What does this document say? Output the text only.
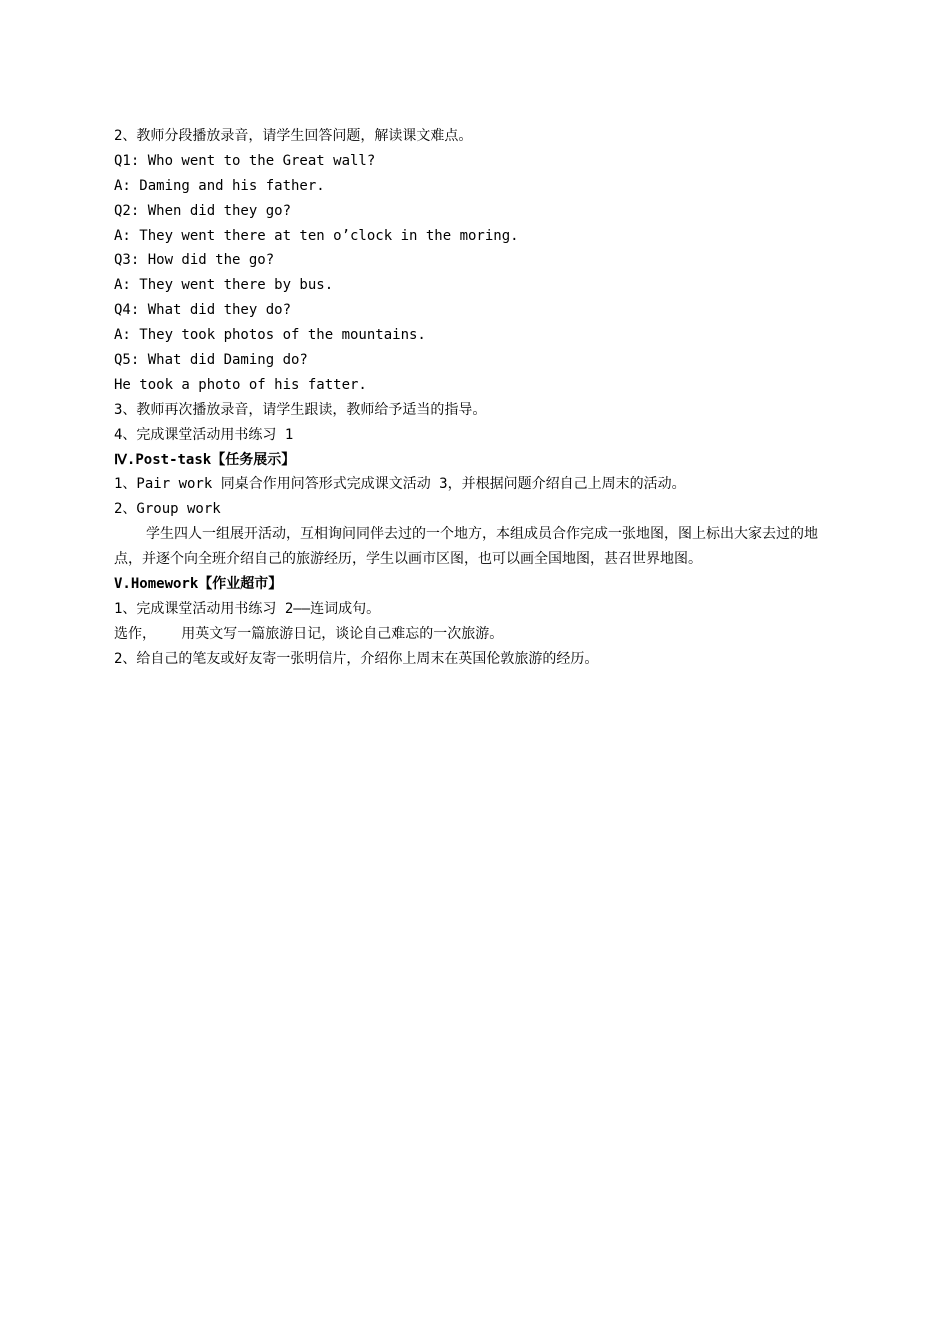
2、教师分段播放录音，请学生回答问题，解读课文难点。
Q1: Who went to the Great wall?
A: Daming and his father.
Q2: When did they go?
A: They went there at ten o’clock in the moring.
Q3: How did the go?
A: They went there by bus.
Q4: What did they do?
A: They took photos of the mountains.
Q5: What did Daming do?
He took a photo of his fatter.
3、教师再次播放录音，请学生跟读，教师给予适当的指导。
4、完成课堂活动用书练习 1
Ⅳ.Post-task【任务展示】
1、Pair work 同桌合作用问答形式完成课文活动 3，并根据问题介绍自己上周末的活动。
2、Group work
学生四人一组展开活动，互相询问同伴去过的一个地方，本组成员合作完成一张地图，图上标出大家去过的地点，并逐个向全班介绍自己的旅游经历，学生以画市区图，也可以画全国地图，甚召世界地图。
V.Homework【作业超市】
1、完成课堂活动用书练习 2——连词成句。
选作，   用英文写一篇旅游日记，谈论自己难忘的一次旅游。
2、给自己的笔友或好友寄一张明信片，介绍你上周末在英国伦敦旅游的经历。
